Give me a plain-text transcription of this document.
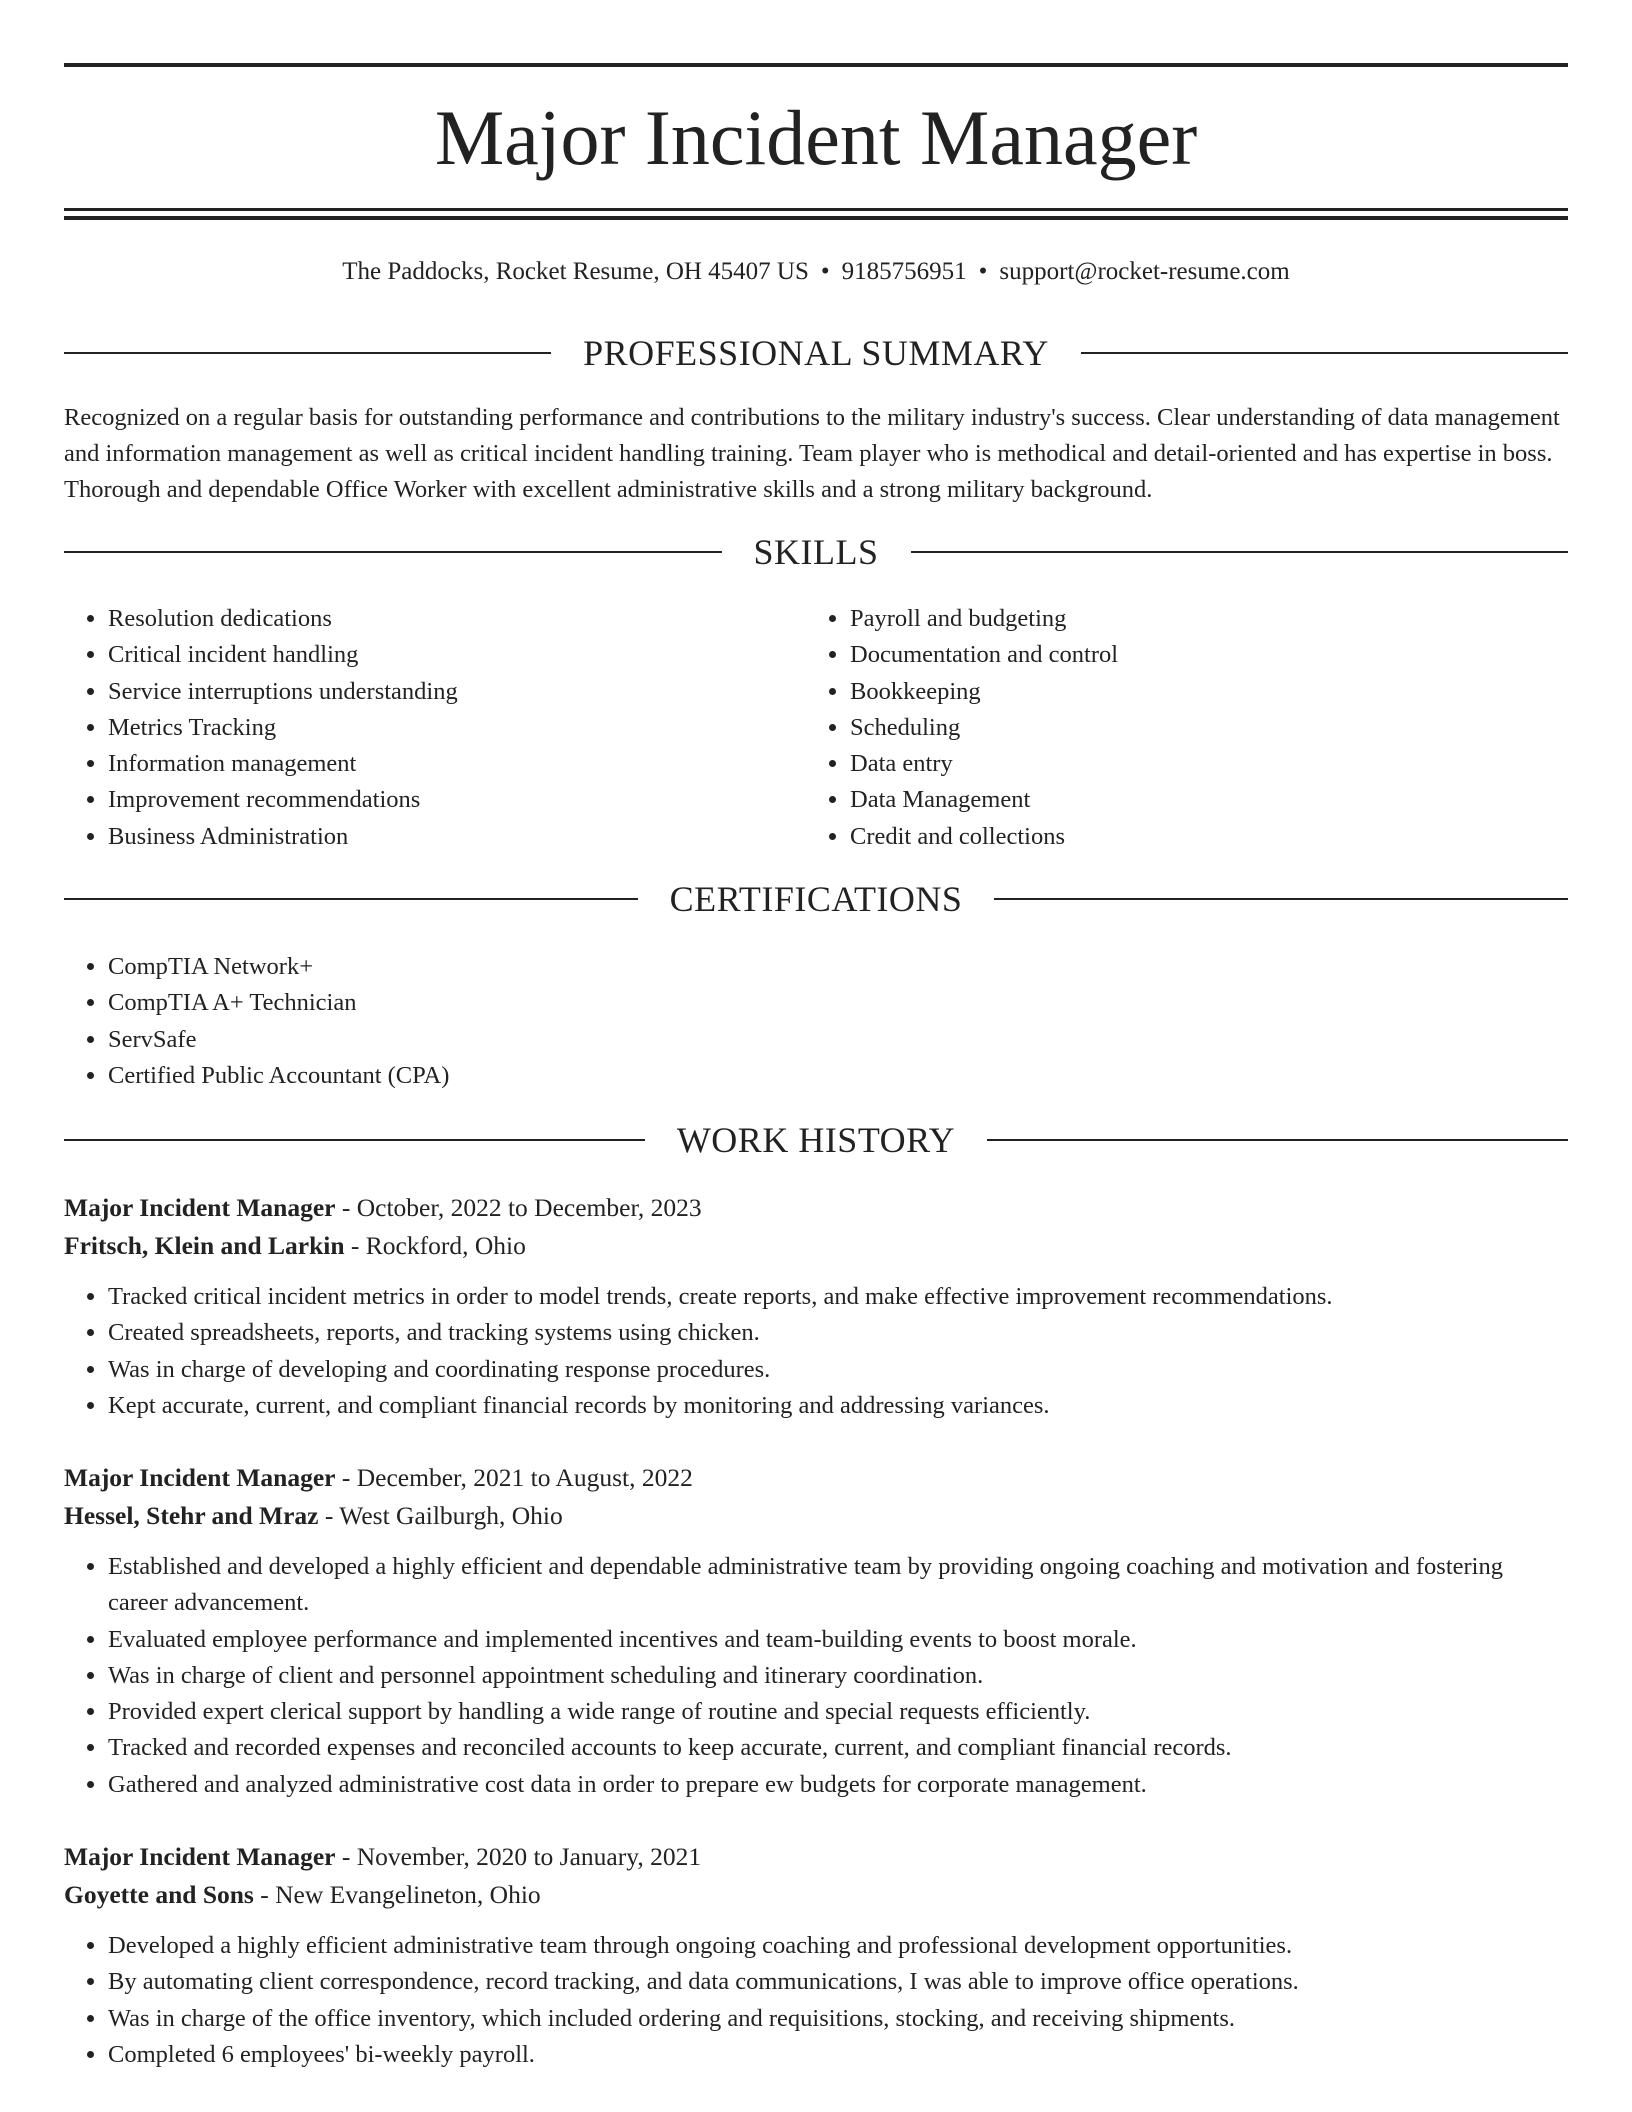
Major Incident Manager
The Paddocks, Rocket Resume, OH 45407 US • 9185756951 • support@rocket-resume.com
PROFESSIONAL SUMMARY

Recognized on a regular basis for outstanding performance and contributions to the military industry's success. Clear understanding of data management and information management as well as critical incident handling training. Team player who is methodical and detail-oriented and has expertise in boss. Thorough and dependable Office Worker with excellent administrative skills and a strong military background.

SKILLS
• Resolution dedications
• Critical incident handling
• Service interruptions understanding
• Metrics Tracking
• Information management
• Improvement recommendations
• Business Administration
• Payroll and budgeting
• Documentation and control
• Bookkeeping
• Scheduling
• Data entry
• Data Management
• Credit and collections
CERTIFICATIONS
• CompTIA Network+
• CompTIA A+ Technician
• ServSafe
• Certified Public Accountant (CPA)
WORK HISTORY
Major Incident Manager - October, 2022 to December, 2023
Fritsch, Klein and Larkin - Rockford, Ohio
• Tracked critical incident metrics in order to model trends, create reports, and make effective improvement recommendations.
• Created spreadsheets, reports, and tracking systems using chicken.
• Was in charge of developing and coordinating response procedures.
• Kept accurate, current, and compliant financial records by monitoring and addressing variances.
Major Incident Manager - December, 2021 to August, 2022
Hessel, Stehr and Mraz - West Gailburgh, Ohio
• Established and developed a highly efficient and dependable administrative team by providing ongoing coaching and motivation and fostering career advancement.
• Evaluated employee performance and implemented incentives and team-building events to boost morale.
• Was in charge of client and personnel appointment scheduling and itinerary coordination.
• Provided expert clerical support by handling a wide range of routine and special requests efficiently.
• Tracked and recorded expenses and reconciled accounts to keep accurate, current, and compliant financial records.
• Gathered and analyzed administrative cost data in order to prepare ew budgets for corporate management.
Major Incident Manager - November, 2020 to January, 2021
Goyette and Sons - New Evangelineton, Ohio
• Developed a highly efficient administrative team through ongoing coaching and professional development opportunities.
• By automating client correspondence, record tracking, and data communications, I was able to improve office operations.
• Was in charge of the office inventory, which included ordering and requisitions, stocking, and receiving shipments.
• Completed 6 employees' bi-weekly payroll.
